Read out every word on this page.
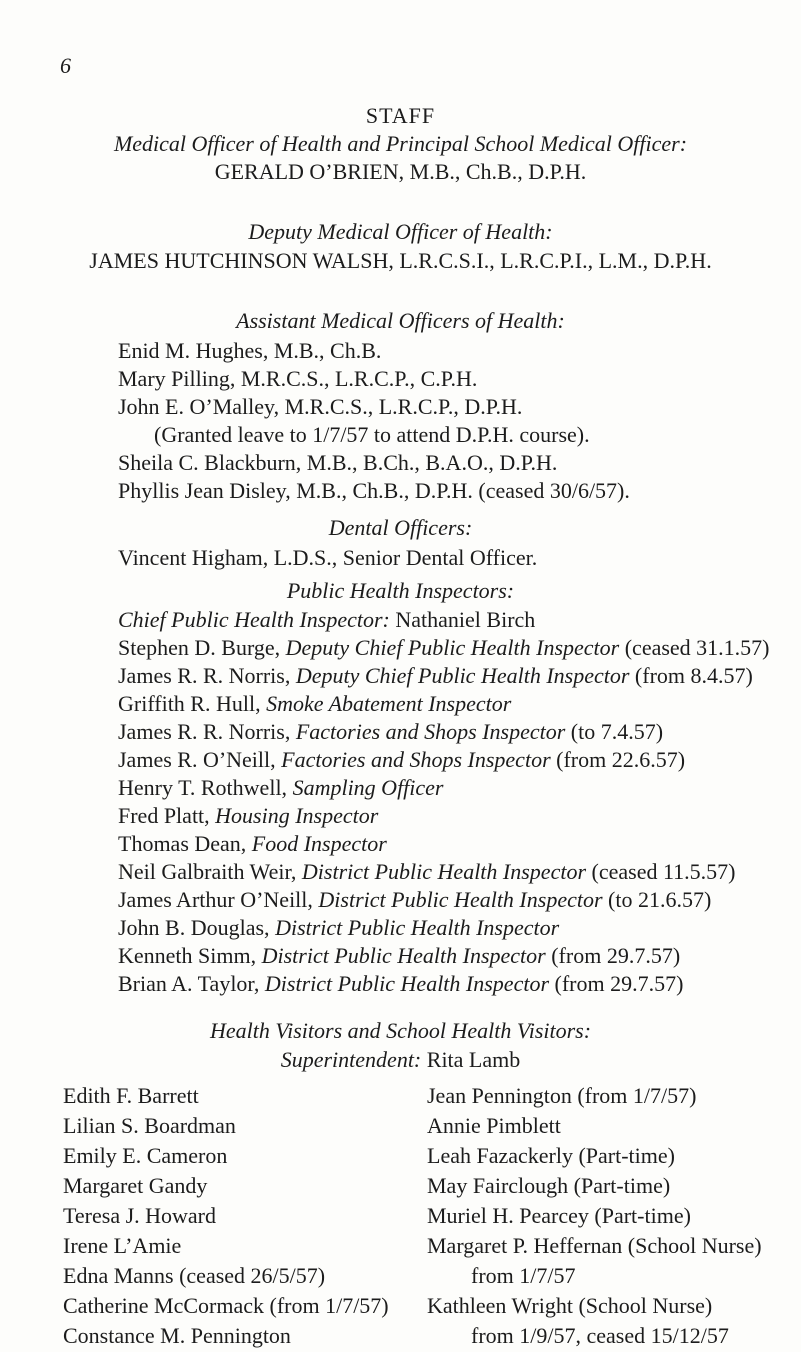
6
STAFF
Medical Officer of Health and Principal School Medical Officer:
GERALD O’BRIEN, M.B., Ch.B., D.P.H.
Deputy Medical Officer of Health:
JAMES HUTCHINSON WALSH, L.R.C.S.I., L.R.C.P.I., L.M., D.P.H.
Assistant Medical Officers of Health:
Enid M. Hughes, M.B., Ch.B.
Mary Pilling, M.R.C.S., L.R.C.P., C.P.H.
John E. O’Malley, M.R.C.S., L.R.C.P., D.P.H.
(Granted leave to 1/7/57 to attend D.P.H. course).
Sheila C. Blackburn, M.B., B.Ch., B.A.O., D.P.H.
Phyllis Jean Disley, M.B., Ch.B., D.P.H. (ceased 30/6/57).
Dental Officers:
Vincent Higham, L.D.S., Senior Dental Officer.
Public Health Inspectors:
Chief Public Health Inspector: Nathaniel Birch
Stephen D. Burge, Deputy Chief Public Health Inspector (ceased 31.1.57)
James R. R. Norris, Deputy Chief Public Health Inspector (from 8.4.57)
Griffith R. Hull, Smoke Abatement Inspector
James R. R. Norris, Factories and Shops Inspector (to 7.4.57)
James R. O’Neill, Factories and Shops Inspector (from 22.6.57)
Henry T. Rothwell, Sampling Officer
Fred Platt, Housing Inspector
Thomas Dean, Food Inspector
Neil Galbraith Weir, District Public Health Inspector (ceased 11.5.57)
James Arthur O’Neill, District Public Health Inspector (to 21.6.57)
John B. Douglas, District Public Health Inspector
Kenneth Simm, District Public Health Inspector (from 29.7.57)
Brian A. Taylor, District Public Health Inspector (from 29.7.57)
Health Visitors and School Health Visitors:
Superintendent: Rita Lamb
Edith F. Barrett
Lilian S. Boardman
Emily E. Cameron
Margaret Gandy
Teresa J. Howard
Irene L’Amie
Edna Manns (ceased 26/5/57)
Catherine McCormack (from 1/7/57)
Constance M. Pennington
Jean Pennington (from 1/7/57)
Annie Pimblett
Leah Fazackerly (Part-time)
May Fairclough (Part-time)
Muriel H. Pearcey (Part-time)
Margaret P. Heffernan (School Nurse)
from 1/7/57
Kathleen Wright (School Nurse)
from 1/9/57, ceased 15/12/57
